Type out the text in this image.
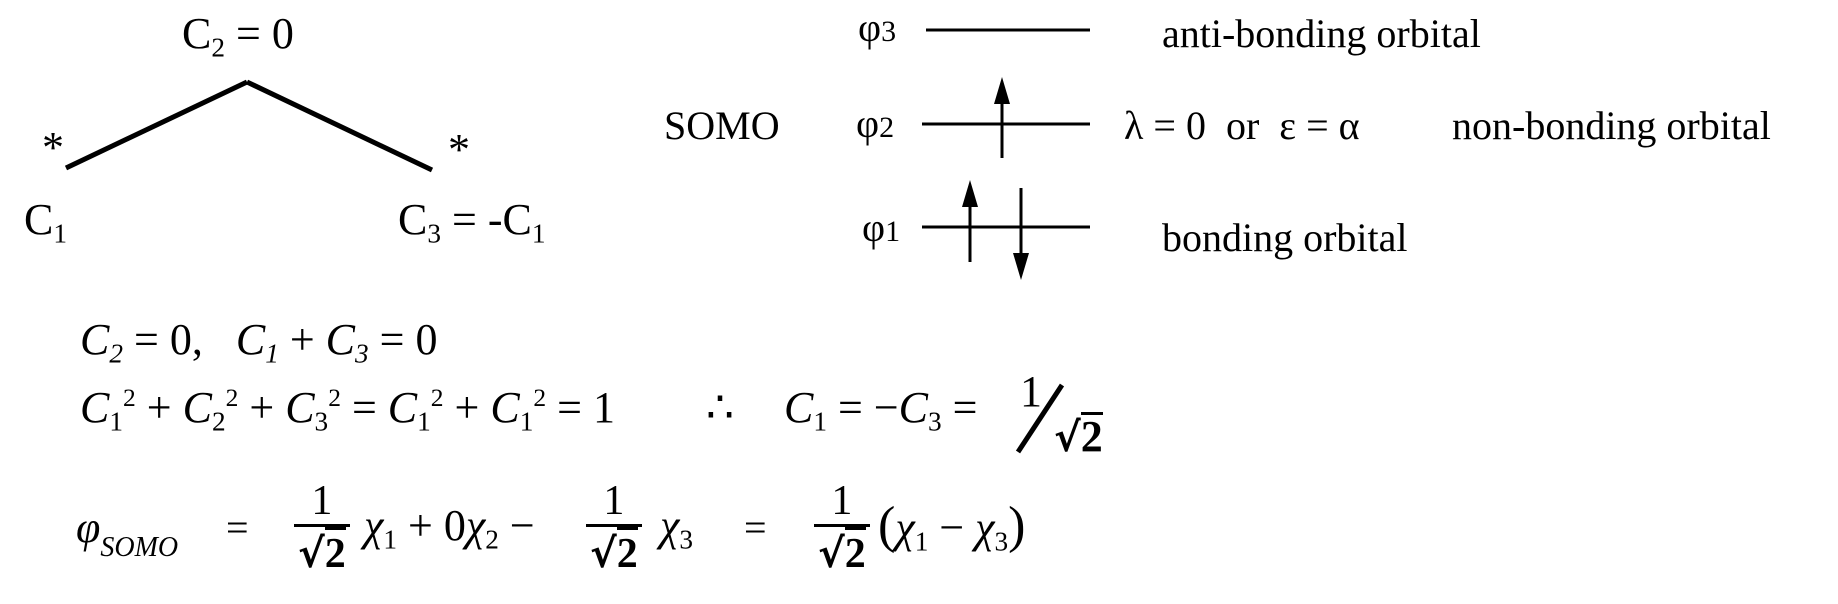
$C_2 = 0$
*	*
$C_1$	$C_3 = -C_1$
φ3	anti-bonding orbital
SOMO φ2	λ = 0  or  ε = α non-bonding orbital
φ1	bonding orbital
$C_2 = 0$,   $C_1 + C_3 = 0$
$C_1^2 + C_2^2 + C_3^2 = C_1^2 + C_1^2 = 1$ ∴ $C_1 = -C_3 = 1$
√2
$\varphi_{SOMO} = \frac{1}{√2} \chi_1 + 0\chi_2 - \frac{1}{√2} \chi_3 = \frac{1}{√2} (\chi_1 - \chi_3)$
